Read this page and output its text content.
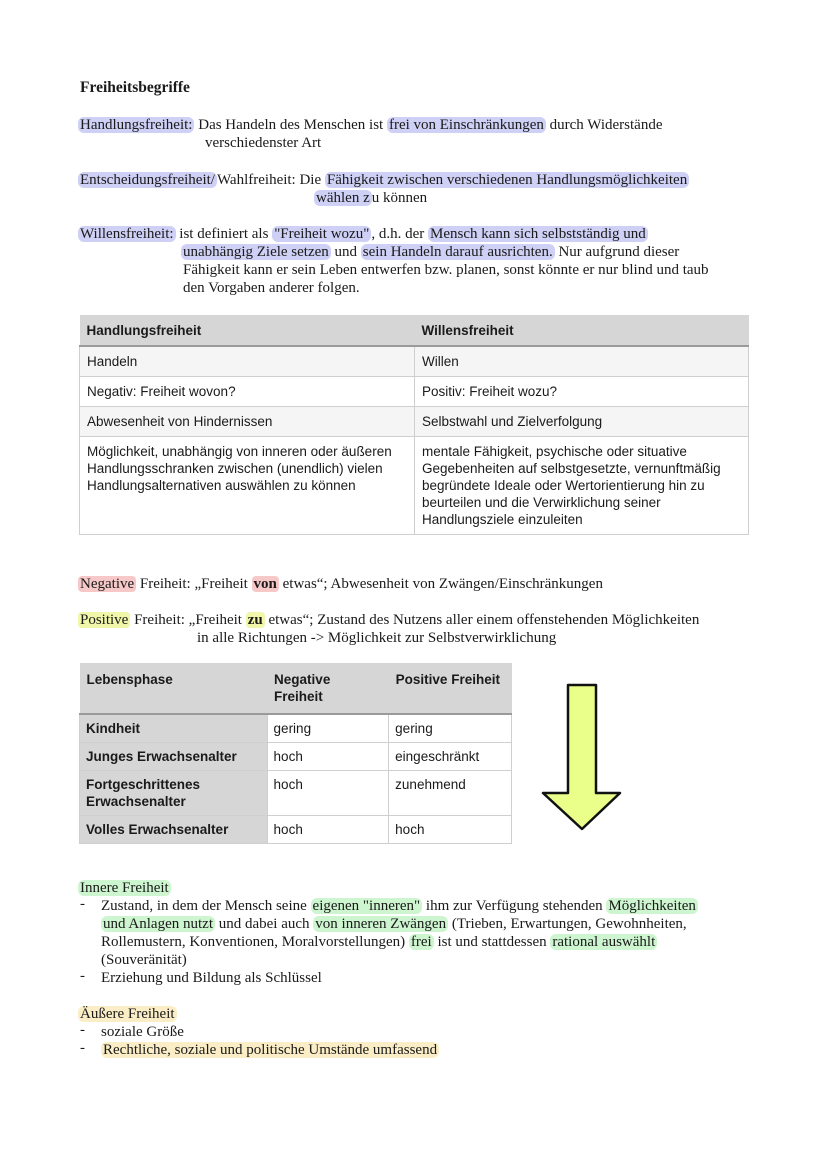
Freiheitsbegriffe
Handlungsfreiheit: Das Handeln des Menschen ist frei von Einschränkungen durch Widerstände
verschiedenster Art
Entscheidungsfreiheit/ Wahlfreiheit: Die Fähigkeit zwischen verschiedenen Handlungsmöglichkeiten
wählen z u können
Willensfreiheit: ist definiert als "Freiheit wozu" , d.h. der Mensch kann sich selbstständig und
unabhängig Ziele setzen und sein Handeln darauf ausrichten. Nur aufgrund dieser
Fähigkeit kann er sein Leben entwerfen bzw. planen, sonst könnte er nur blind und taub
den Vorgaben anderer folgen.
Handlungsfreiheit	Willensfreiheit
Handeln	Willen
Negativ: Freiheit wovon?	Positiv: Freiheit wozu?
Abwesenheit von Hindernissen	Selbstwahl und Zielverfolgung
Möglichkeit, unabhängig von inneren oder äußeren Handlungsschranken zwischen (unendlich) vielen Handlungsalternativen auswählen zu können	mentale Fähigkeit, psychische oder situative Gegebenheiten auf selbstgesetzte, vernunftmäßig begründete Ideale oder Wertorientierung hin zu beurteilen und die Verwirklichung seiner Handlungsziele einzuleiten
Negative Freiheit: „Freiheit von etwas“; Abwesenheit von Zwängen/Einschränkungen
Positive Freiheit: „Freiheit zu etwas“; Zustand des Nutzens aller einem offenstehenden Möglichkeiten
in alle Richtungen -> Möglichkeit zur Selbstverwirklichung
Lebensphase	Negative Freiheit	Positive Freiheit
Kindheit	gering	gering
Junges Erwachsenalter	hoch	eingeschränkt
Fortgeschrittenes Erwachsenalter	hoch	zunehmend
Volles Erwachsenalter	hoch	hoch
Innere Freiheit
- Zustand, in dem der Mensch seine eigenen "inneren" ihm zur Verfügung stehenden Möglichkeiten
und Anlagen nutzt und dabei auch von inneren Zwängen (Trieben, Erwartungen, Gewohnheiten,
Rollemustern, Konventionen, Moralvorstellungen) frei ist und stattdessen rational auswählt
(Souveränität)
- Erziehung und Bildung als Schlüssel
Äußere Freiheit
- soziale Größe
- Rechtliche, soziale und politische Umstände umfassend
